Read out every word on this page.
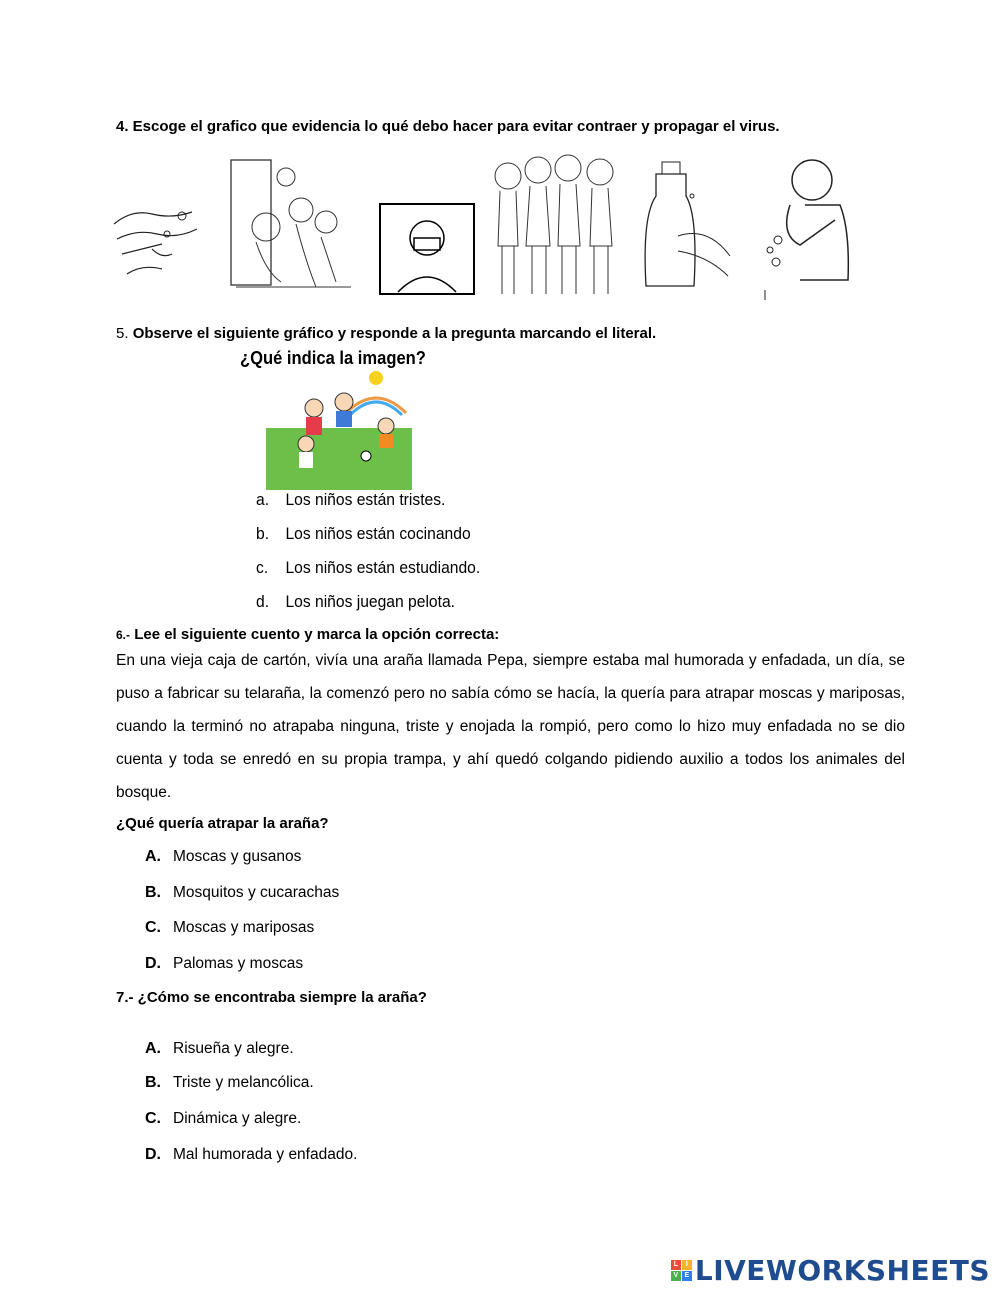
4. Escoge el grafico que evidencia lo qué debo hacer para evitar contraer y propagar el virus.
5. Observe el siguiente gráfico y responde a la pregunta marcando el literal.
¿Qué indica la imagen?
a. Los niños están tristes.
b. Los niños están cocinando
c. Los niños están estudiando.
d. Los niños juegan pelota.
6.- Lee el siguiente cuento y marca la opción correcta:
En una vieja caja de cartón, vivía una araña llamada Pepa, siempre estaba mal humorada y enfadada, un día, se puso a fabricar su telaraña, la comenzó pero no sabía cómo se hacía, la quería para atrapar moscas y mariposas, cuando la terminó no atrapaba ninguna, triste y enojada la rompió, pero como lo hizo muy enfadada no se dio cuenta y toda se enredó en su propia trampa, y ahí quedó colgando pidiendo auxilio a todos los animales del bosque.
¿Qué quería atrapar la araña?
A. Moscas y gusanos
B. Mosquitos y cucarachas
C. Moscas y mariposas
D. Palomas y moscas
7.- ¿Cómo se encontraba siempre la araña?
A. Risueña y alegre.
B. Triste y melancólica.
C. Dinámica y alegre.
D. Mal humorada y enfadado.
L	I
V E LIVEWORKSHEETS
